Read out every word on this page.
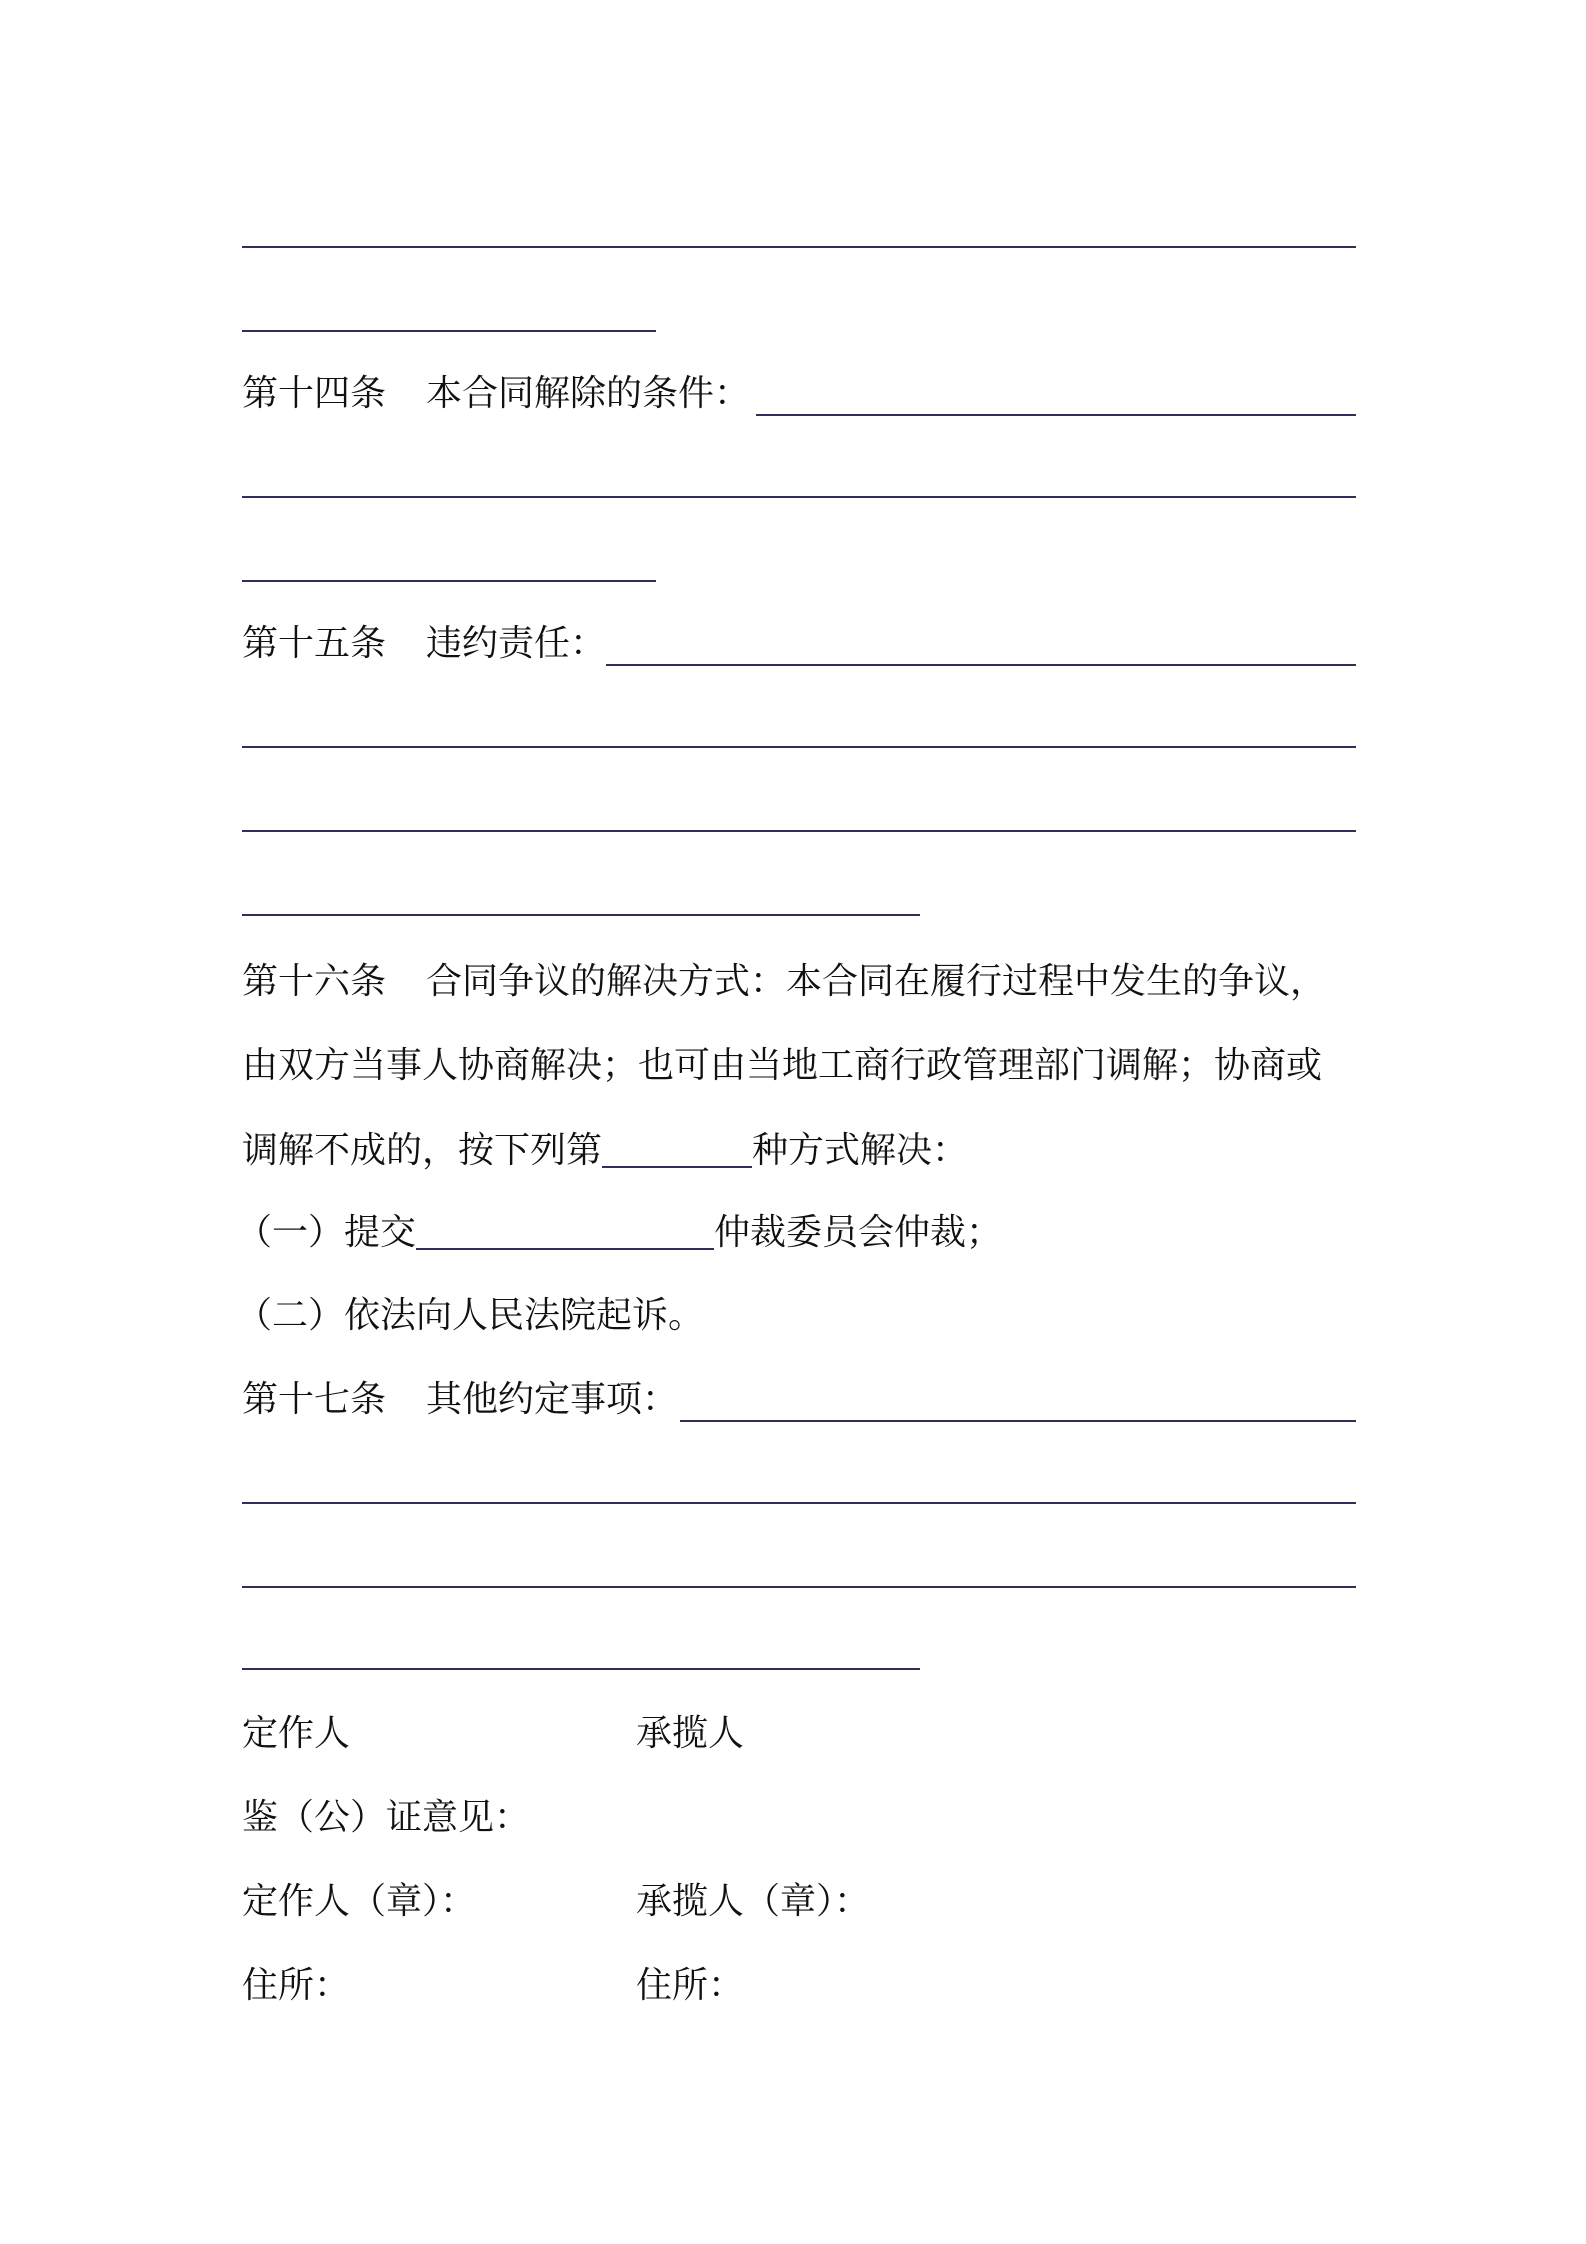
第十四条 本合同解除的条件：
第十五条 违约责任：
第十六条 合同争议的解决方式：本合同在履行过程中发生的争议，
由双方当事人协商解决；也可由当地工商行政管理部门调解；协商或
调解不成的，按下列第	种方式解决：
（一）提交	仲裁委员会仲裁；
（二）依法向人民法院起诉。
第十七条 其他约定事项：
定作人	承揽人
鉴（公）证意见：
定作人（章）：	承揽人（章）：
住所：	住所：
